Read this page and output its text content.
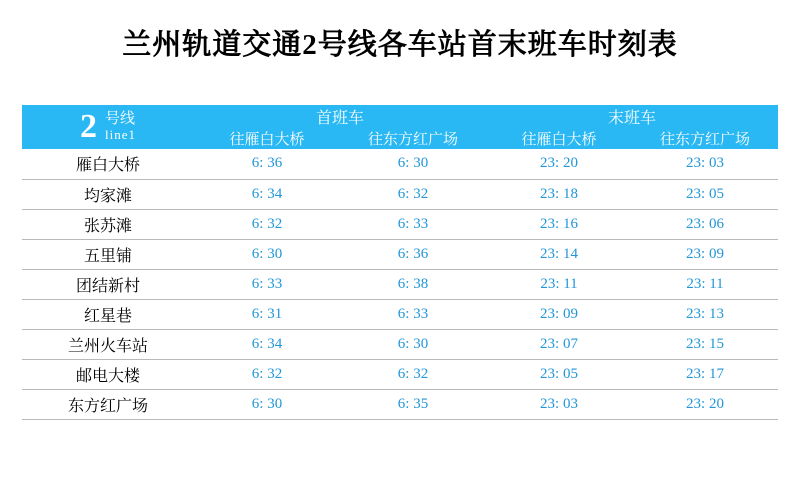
兰州轨道交通2号线各车站首末班车时刻表
2 号线
line1	首班车		末班车	
	往雁白大桥	往东方红广场	往雁白大桥	往东方红广场
雁白大桥	6: 36	6: 30	23: 20	23: 03
均家滩	6: 34	6: 32	23: 18	23: 05
张苏滩	6: 32	6: 33	23: 16	23: 06
五里铺	6: 30	6: 36	23: 14	23: 09
团结新村	6: 33	6: 38	23: 11	23: 11
红星巷	6: 31	6: 33	23: 09	23: 13
兰州火车站	6: 34	6: 30	23: 07	23: 15
邮电大楼	6: 32	6: 32	23: 05	23: 17
东方红广场	6: 30	6: 35	23: 03	23: 20
